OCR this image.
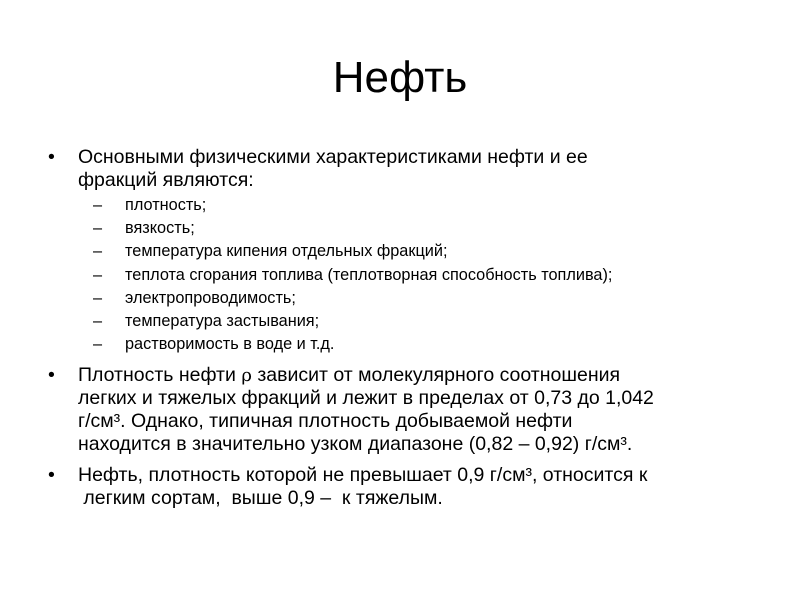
Нефть
•	Основными физическими характеристиками нефти и ее
фракций являются:
– плотность;
– вязкость;
– температура кипения отдельных фракций;
– теплота сгорания топлива (теплотворная способность топлива);
– электропроводимость;
– температура застывания;
– растворимость в воде и т.д.
•	Плотность нефти ρ зависит от молекулярного соотношения
легких и тяжелых фракций и лежит в пределах от 0,73 до 1,042
г/см³. Однако, типичная плотность добываемой нефти
находится в значительно узком диапазоне (0,82 – 0,92) г/см³.
•	Нефть, плотность которой не превышает 0,9 г/см³, относится к
легким сортам,  выше 0,9 –  к тяжелым.
